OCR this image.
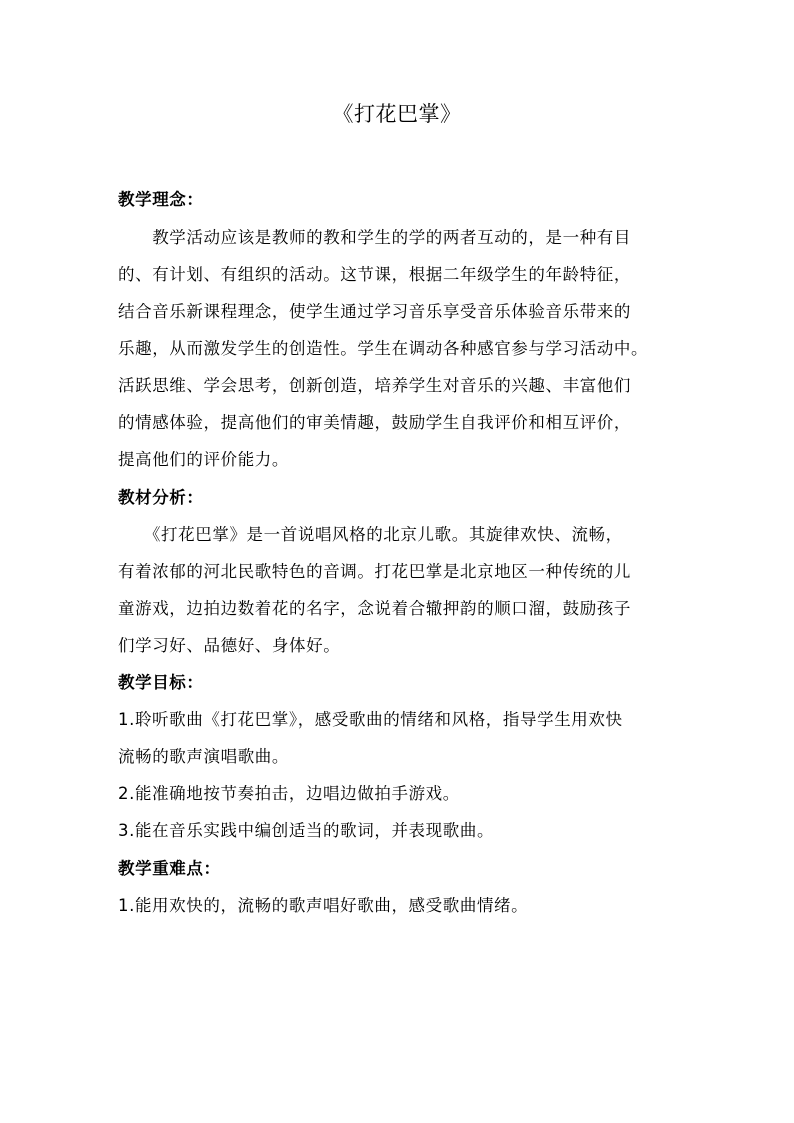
《打花巴掌》
教学理念：
　　教学活动应该是教师的教和学生的学的两者互动的，是一种有目
的、有计划、有组织的活动。这节课，根据二年级学生的年龄特征，
结合音乐新课程理念，使学生通过学习音乐享受音乐体验音乐带来的
乐趣，从而激发学生的创造性。学生在调动各种感官参与学习活动中。
活跃思维、学会思考，创新创造，培养学生对音乐的兴趣、丰富他们
的情感体验，提高他们的审美情趣，鼓励学生自我评价和相互评价，
提高他们的评价能力。
教材分析：
　　《打花巴掌》是一首说唱风格的北京儿歌。其旋律欢快、流畅，
有着浓郁的河北民歌特色的音调。打花巴掌是北京地区一种传统的儿
童游戏，边拍边数着花的名字，念说着合辙押韵的顺口溜，鼓励孩子
们学习好、品德好、身体好。
教学目标：
1.聆听歌曲《打花巴掌》，感受歌曲的情绪和风格，指导学生用欢快
流畅的歌声演唱歌曲。
2.能准确地按节奏拍击，边唱边做拍手游戏。
3.能在音乐实践中编创适当的歌词，并表现歌曲。
教学重难点：
1.能用欢快的，流畅的歌声唱好歌曲，感受歌曲情绪。
